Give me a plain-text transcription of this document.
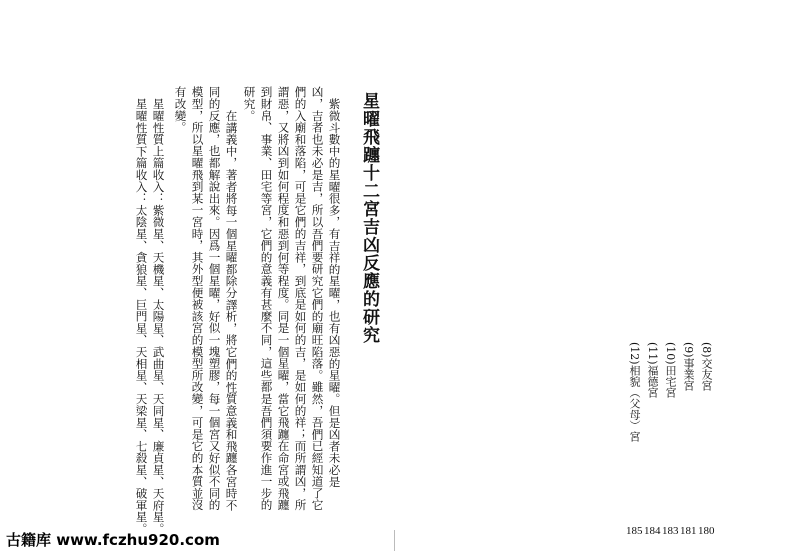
(8)交友宮
(9)事業宮
(10)田宅宮
(11)福德宮
(12)相貌（父母）宮
180
181
183
184
185
星曜飛躔十二宮吉凶反應的研究
紫微斗數中的星曜很多，有吉祥的星曜，也有凶惡的星曜。但是凶者未必是
凶，吉者也未必是吉，所以吾們要研究它們的廟旺陷落。雖然，吾們已經知道了它
們的入廟和落陷，可是它們的吉祥，到底是如何的吉，是如何的祥；而所謂凶，所
謂惡，又將凶到如何程度和惡到何等程度。同是一個星曜，當它飛躔在命宮或飛躔
到財帛、事業、田宅等宮，它們的意義有甚麼不同，這些都是吾們須要作進一步的
研究。
　在講義中，著者將每一個星曜都除分譯析，將它們的性質意義和飛躔各宮時不
同的反應，也都解說出來。因爲一個星曜，好似一塊塑膠，每一個宮又好似不同的
模型，所以星曜飛到某一宮時，其外型便被該宮的模型所改變，可是它的本質並沒
有改變。
星曜性質上篇收入：紫微星、天機星、太陽星、武曲星、天同星、廉貞星、天府星。
星曜性質下篇收入：太陰星、貪狼星、巨門星、天相星、天梁星、七殺星、破軍星。
古籍库 www.fczhu920.com
